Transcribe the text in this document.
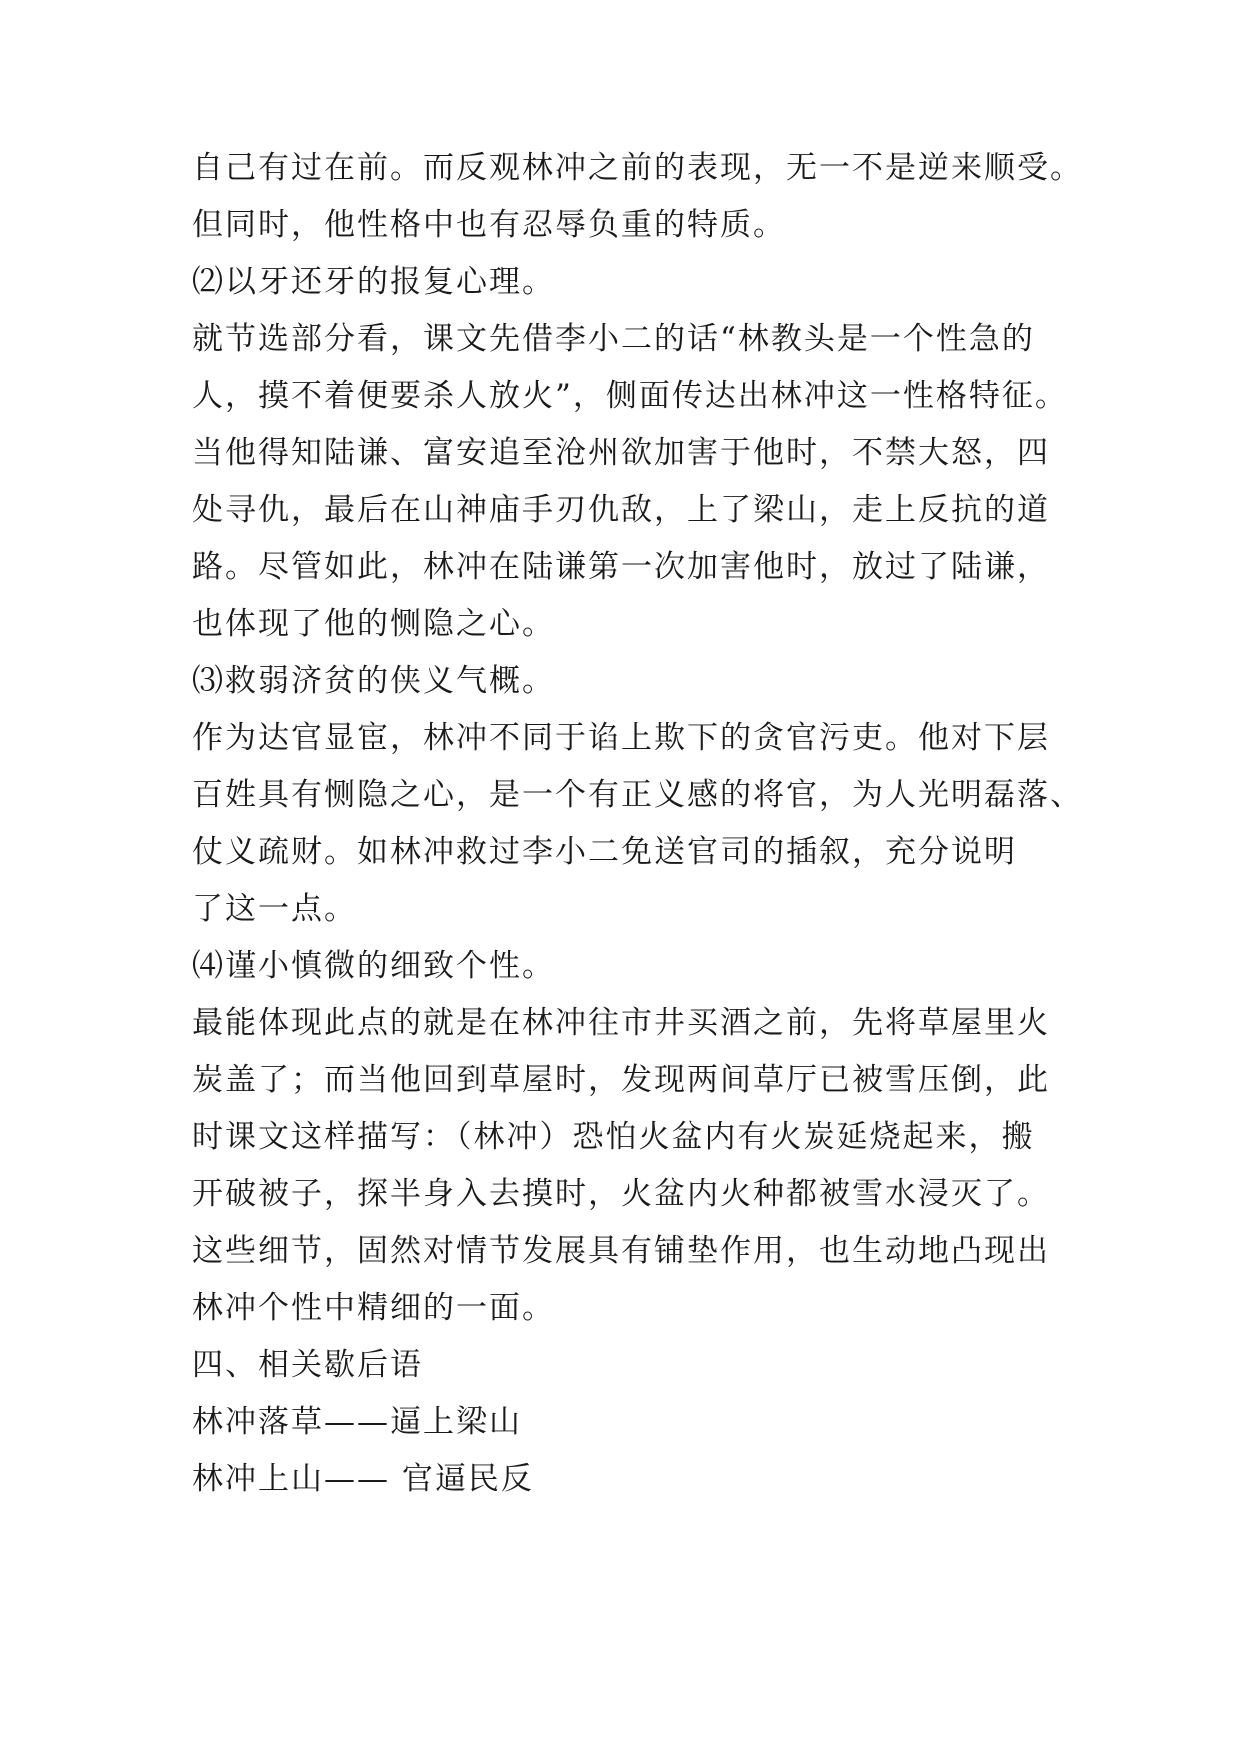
自己有过在前。而反观林冲之前的表现，无一不是逆来顺受。
但同时，他性格中也有忍辱负重的特质。
⑵以牙还牙的报复心理。
就节选部分看，课文先借李小二的话“林教头是一个性急的
人，摸不着便要杀人放火”，侧面传达出林冲这一性格特征。
当他得知陆谦、富安追至沧州欲加害于他时，不禁大怒，四
处寻仇，最后在山神庙手刃仇敌，上了梁山，走上反抗的道
路。尽管如此，林冲在陆谦第一次加害他时，放过了陆谦，
也体现了他的恻隐之心。
⑶救弱济贫的侠义气概。
作为达官显宦，林冲不同于谄上欺下的贪官污吏。他对下层
百姓具有恻隐之心，是一个有正义感的将官，为人光明磊落、
仗义疏财。如林冲救过李小二免送官司的插叙，充分说明
了这一点。
⑷谨小慎微的细致个性。
最能体现此点的就是在林冲往市井买酒之前，先将草屋里火
炭盖了；而当他回到草屋时，发现两间草厅已被雪压倒，此
时课文这样描写：（林冲）恐怕火盆内有火炭延烧起来，搬
开破被子，探半身入去摸时，火盆内火种都被雪水浸灭了。
这些细节，固然对情节发展具有铺垫作用，也生动地凸现出
林冲个性中精细的一面。
四、相关歇后语
林冲落草——逼上梁山
林冲上山—— 官逼民反
